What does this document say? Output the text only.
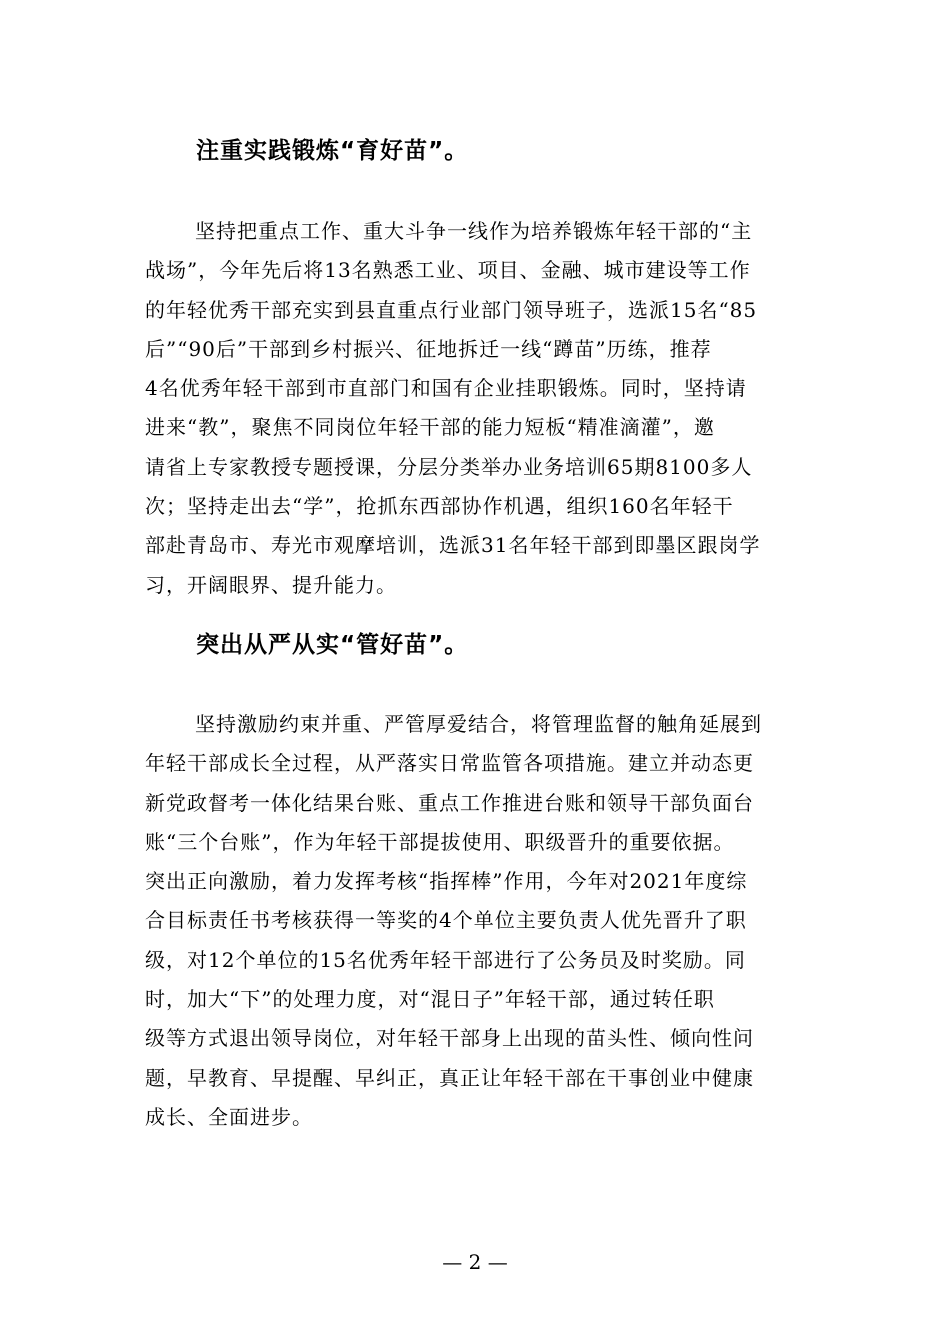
注重实践锻炼“育好苗”。
坚持把重点工作、重大斗争一线作为培养锻炼年轻干部的“主
战场”，今年先后将13名熟悉工业、项目、金融、城市建设等工作
的年轻优秀干部充实到县直重点行业部门领导班子，选派15名“85
后”“90后”干部到乡村振兴、征地拆迁一线“蹲苗”历练，推荐
4名优秀年轻干部到市直部门和国有企业挂职锻炼。同时，坚持请
进来“教”，聚焦不同岗位年轻干部的能力短板“精准滴灌”，邀
请省上专家教授专题授课，分层分类举办业务培训65期8100多人
次；坚持走出去“学”，抢抓东西部协作机遇，组织160名年轻干
部赴青岛市、寿光市观摩培训，选派31名年轻干部到即墨区跟岗学
习，开阔眼界、提升能力。
突出从严从实“管好苗”。
坚持激励约束并重、严管厚爱结合，将管理监督的触角延展到
年轻干部成长全过程，从严落实日常监管各项措施。建立并动态更
新党政督考一体化结果台账、重点工作推进台账和领导干部负面台
账“三个台账”，作为年轻干部提拔使用、职级晋升的重要依据。
突出正向激励，着力发挥考核“指挥棒”作用，今年对2021年度综
合目标责任书考核获得一等奖的4个单位主要负责人优先晋升了职
级，对12个单位的15名优秀年轻干部进行了公务员及时奖励。同
时，加大“下”的处理力度，对“混日子”年轻干部，通过转任职
级等方式退出领导岗位，对年轻干部身上出现的苗头性、倾向性问
题，早教育、早提醒、早纠正，真正让年轻干部在干事创业中健康
成长、全面进步。
— 2 —
